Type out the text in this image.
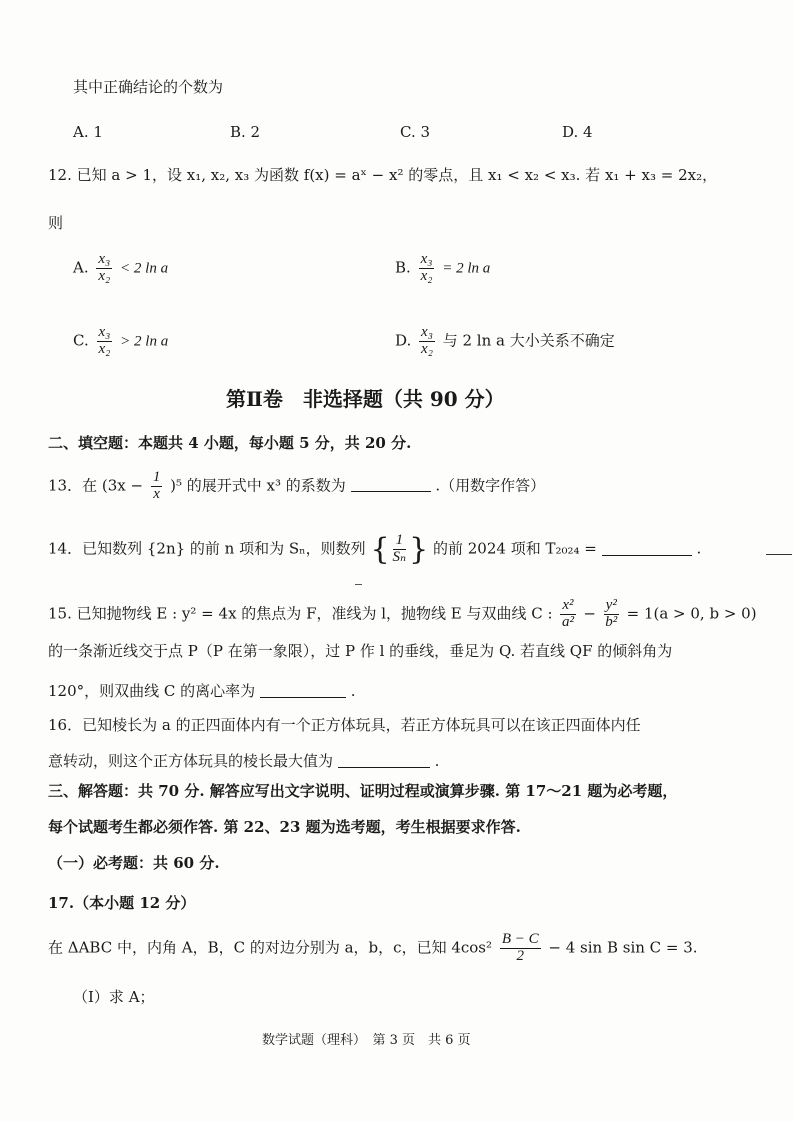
其中正确结论的个数为
A. 1	B. 2	C. 3	D. 4
12. 已知 a > 1，设 x₁, x₂, x₃ 为函数 f(x) = aˣ − x² 的零点，且 x₁ < x₂ < x₃. 若 x₁ + x₃ = 2x₂，
则
A. $\frac{\text{x₃}}{\text{x₂}} < 2$ ln a	B. $\frac{\text{x₃}}{\text{x₂}} = 2$ ln a
C. $\frac{\text{x₃}}{\text{x₂}} > 2$ ln a	D. $\frac{\text{x₃}}{\text{x₂}}$ 与 2 ln a 大小关系不确定
第Ⅱ卷　非选择题（共 90 分）
二、填空题：本题共 4 小题，每小题 5 分，共 20 分.
13．在 $(3x - \frac{1}{x} )^5$ 的展开式中 x³ 的系数为	.（用数字作答）
14．已知数列 {2n} 的前 n 项和为 Sₙ，则数列 { $\frac{1}{\text{Sₙ}}$ } 的前 2024 项和 T₂₀₂₄ =	.
15. 已知抛物线 E : y² = 4x 的焦点为 F，准线为 l，抛物线 E 与双曲线 C : $\frac{\text{x²}}{\text{a²}} - \frac{\text{y²}}{\text{b²}} = 1(a > 0$, b > 0)
的一条渐近线交于点 P（P 在第一象限），过 P 作 l 的垂线，垂足为 Q. 若直线 QF 的倾斜角为
120°，则双曲线 C 的离心率为	.
16．已知棱长为 a 的正四面体内有一个正方体玩具，若正方体玩具可以在该正四面体内任
意转动，则这个正方体玩具的棱长最大值为	.
三、解答题：共 70 分. 解答应写出文字说明、证明过程或演算步骤. 第 17～21 题为必考题，
每个试题考生都必须作答. 第 22、23 题为选考题，考生根据要求作答.
（一）必考题：共 60 分.
17.（本小题 12 分）
在 ΔABC 中，内角 A，B，C 的对边分别为 a，b，c，已知 $4\cos^2 \frac{B - C}{2} - 4$ sin B sin C = 3.
（Ⅰ）求 A；
数学试题（理科）　第 3 页　共 6 页
